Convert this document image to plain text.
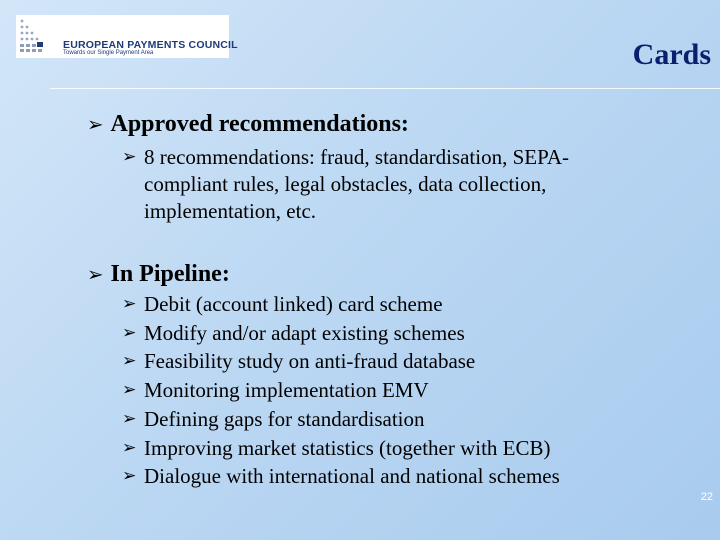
EUROPEAN PAYMENTS COUNCIL
Towards our Single Payment Area	Cards
➢ Approved recommendations:
➢ 8 recommendations: fraud, standardisation, SEPA-compliant rules, legal obstacles, data collection, implementation, etc.
➢ In Pipeline:
➢ Debit (account linked) card scheme
➢ Modify and/or adapt existing schemes
➢ Feasibility study on anti-fraud database
➢ Monitoring implementation EMV
➢ Defining gaps for standardisation
➢ Improving market statistics (together with ECB)
➢ Dialogue with international and national schemes
22
